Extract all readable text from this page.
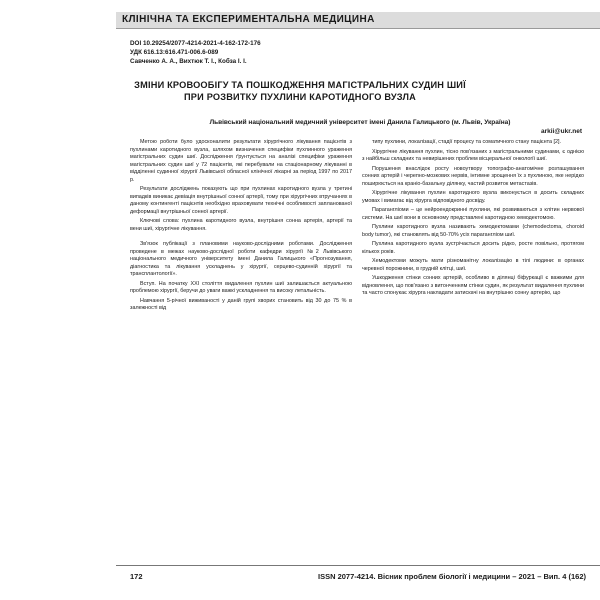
КЛІНІЧНА ТА ЕКСПЕРИМЕНТАЛЬНА МЕДИЦИНА
DOI 10.29254/2077-4214-2021-4-162-172-176
УДК 616.13:616.471-006.6-089
Савченко А. А., Вихтюк Т. І., Кобза І. І.
ЗМІНИ КРОВООБІГУ ТА ПОШКОДЖЕННЯ МАГІСТРАЛЬНИХ СУДИН ШИЇ ПРИ РОЗВИТКУ ПУХЛИНИ КАРОТИДНОГО ВУЗЛА
Львівський національний медичний університет імені Данила Галицького (м. Львів, Україна)
arkii@ukr.net

Метою роботи було удосконалити результати хірургічного лікування пацієнтів з пухлинами каротидного вузла, шляхом визначення специфіки пухлинного ураження магістральних судин шиї. Дослідження ґрунтується на аналізі специфіки ураження магістральних судин шиї у 72 пацієнтів, які перебували на стаціонарному лікуванні в відділенні судинної хірургії Львівської обласної клінічної лікарні за період 1997 по 2017 р.

Результати досліджень показують що при пухлинах каротидного вузла у третині випадків виникає девіація внутрішньої сонної артерії, тому при хірургічних втручаннях в даному контингенті пацієнтів необхідно враховувати технічні особливості запланованої деформації внутрішньої сонної артерії.

Ключові слова: пухлина каротидного вузла, внутрішня сонна артерія, артерії та вени шиї, хірургічне лікування.

Зв'язок публікації з плановими науково-дослідними роботами. Дослідження проведене в межах науково-дослідної роботи кафедри хірургії №2 Львівського національного медичного університету імені Данила Галицького «Прогнозування, діагностика та лікування ускладнень у хірургії, серцево-судинній хірургії та трансплантології».

Вступ. На початку XXI століття видалення пухлин шиї залишається актуальною проблемою хірургії, беручи до уваги важкі ускладнення та високу летальність.

Навчання 5-річної виживаності у даній групі хворих становить від 30 до 75 % в залежності від

типу пухлини, локалізації, стадії процесу та соматичного стану пацієнта [2].

Хірургічне лікування пухлин, тісно пов'язаних з магістральними судинами, є однією з найбільш складних та невирішених проблем вісцеральної онкології шиї.

Порушення внаслідок росту новоутвору топографо-анатомічне розташування сонних артерій і черепно-мозкових нервів, інтимне зрощення їх з пухлиною, яке нерідко поширюється на краніо-базальну ділянку, частий розвиток метастазів.

Хірургічне лікування пухлин каротидного вузла виконується в досить складних умовах і вимагає від хірурга відповідного досвіду.

Параганглiоми – це нейроендокринні пухлини, які розвиваються з клітин нервової системи. На шиї вони в основному представлені каротидною хемодектомою.

Пухлини каротидного вузла називають хемодектомами (chemodectoma, choroid body tumor), які становлять від 50-70% усіх парагангліом шиї.

Пухлина каротидного вузла зустрічається досить рідко, росте повільно, протягом кількох років.

Хемодектоми можуть мати різноманітну локалізацію в тілі людини: в органах черевної порожнини, в грудній клітці, шиї.

Ушкодження стінки сонних артерій, особливо в ділянці біфуркації є важкими для відновлення, що пов'язано з витонченням стінки судин, як результат видалення пухлини та часто спонукає хірурга накладати затискачі на внутрішню сонну артерію, що

172	ISSN 2077-4214. Вісник проблем біології і медицини – 2021 – Вип. 4 (162)
